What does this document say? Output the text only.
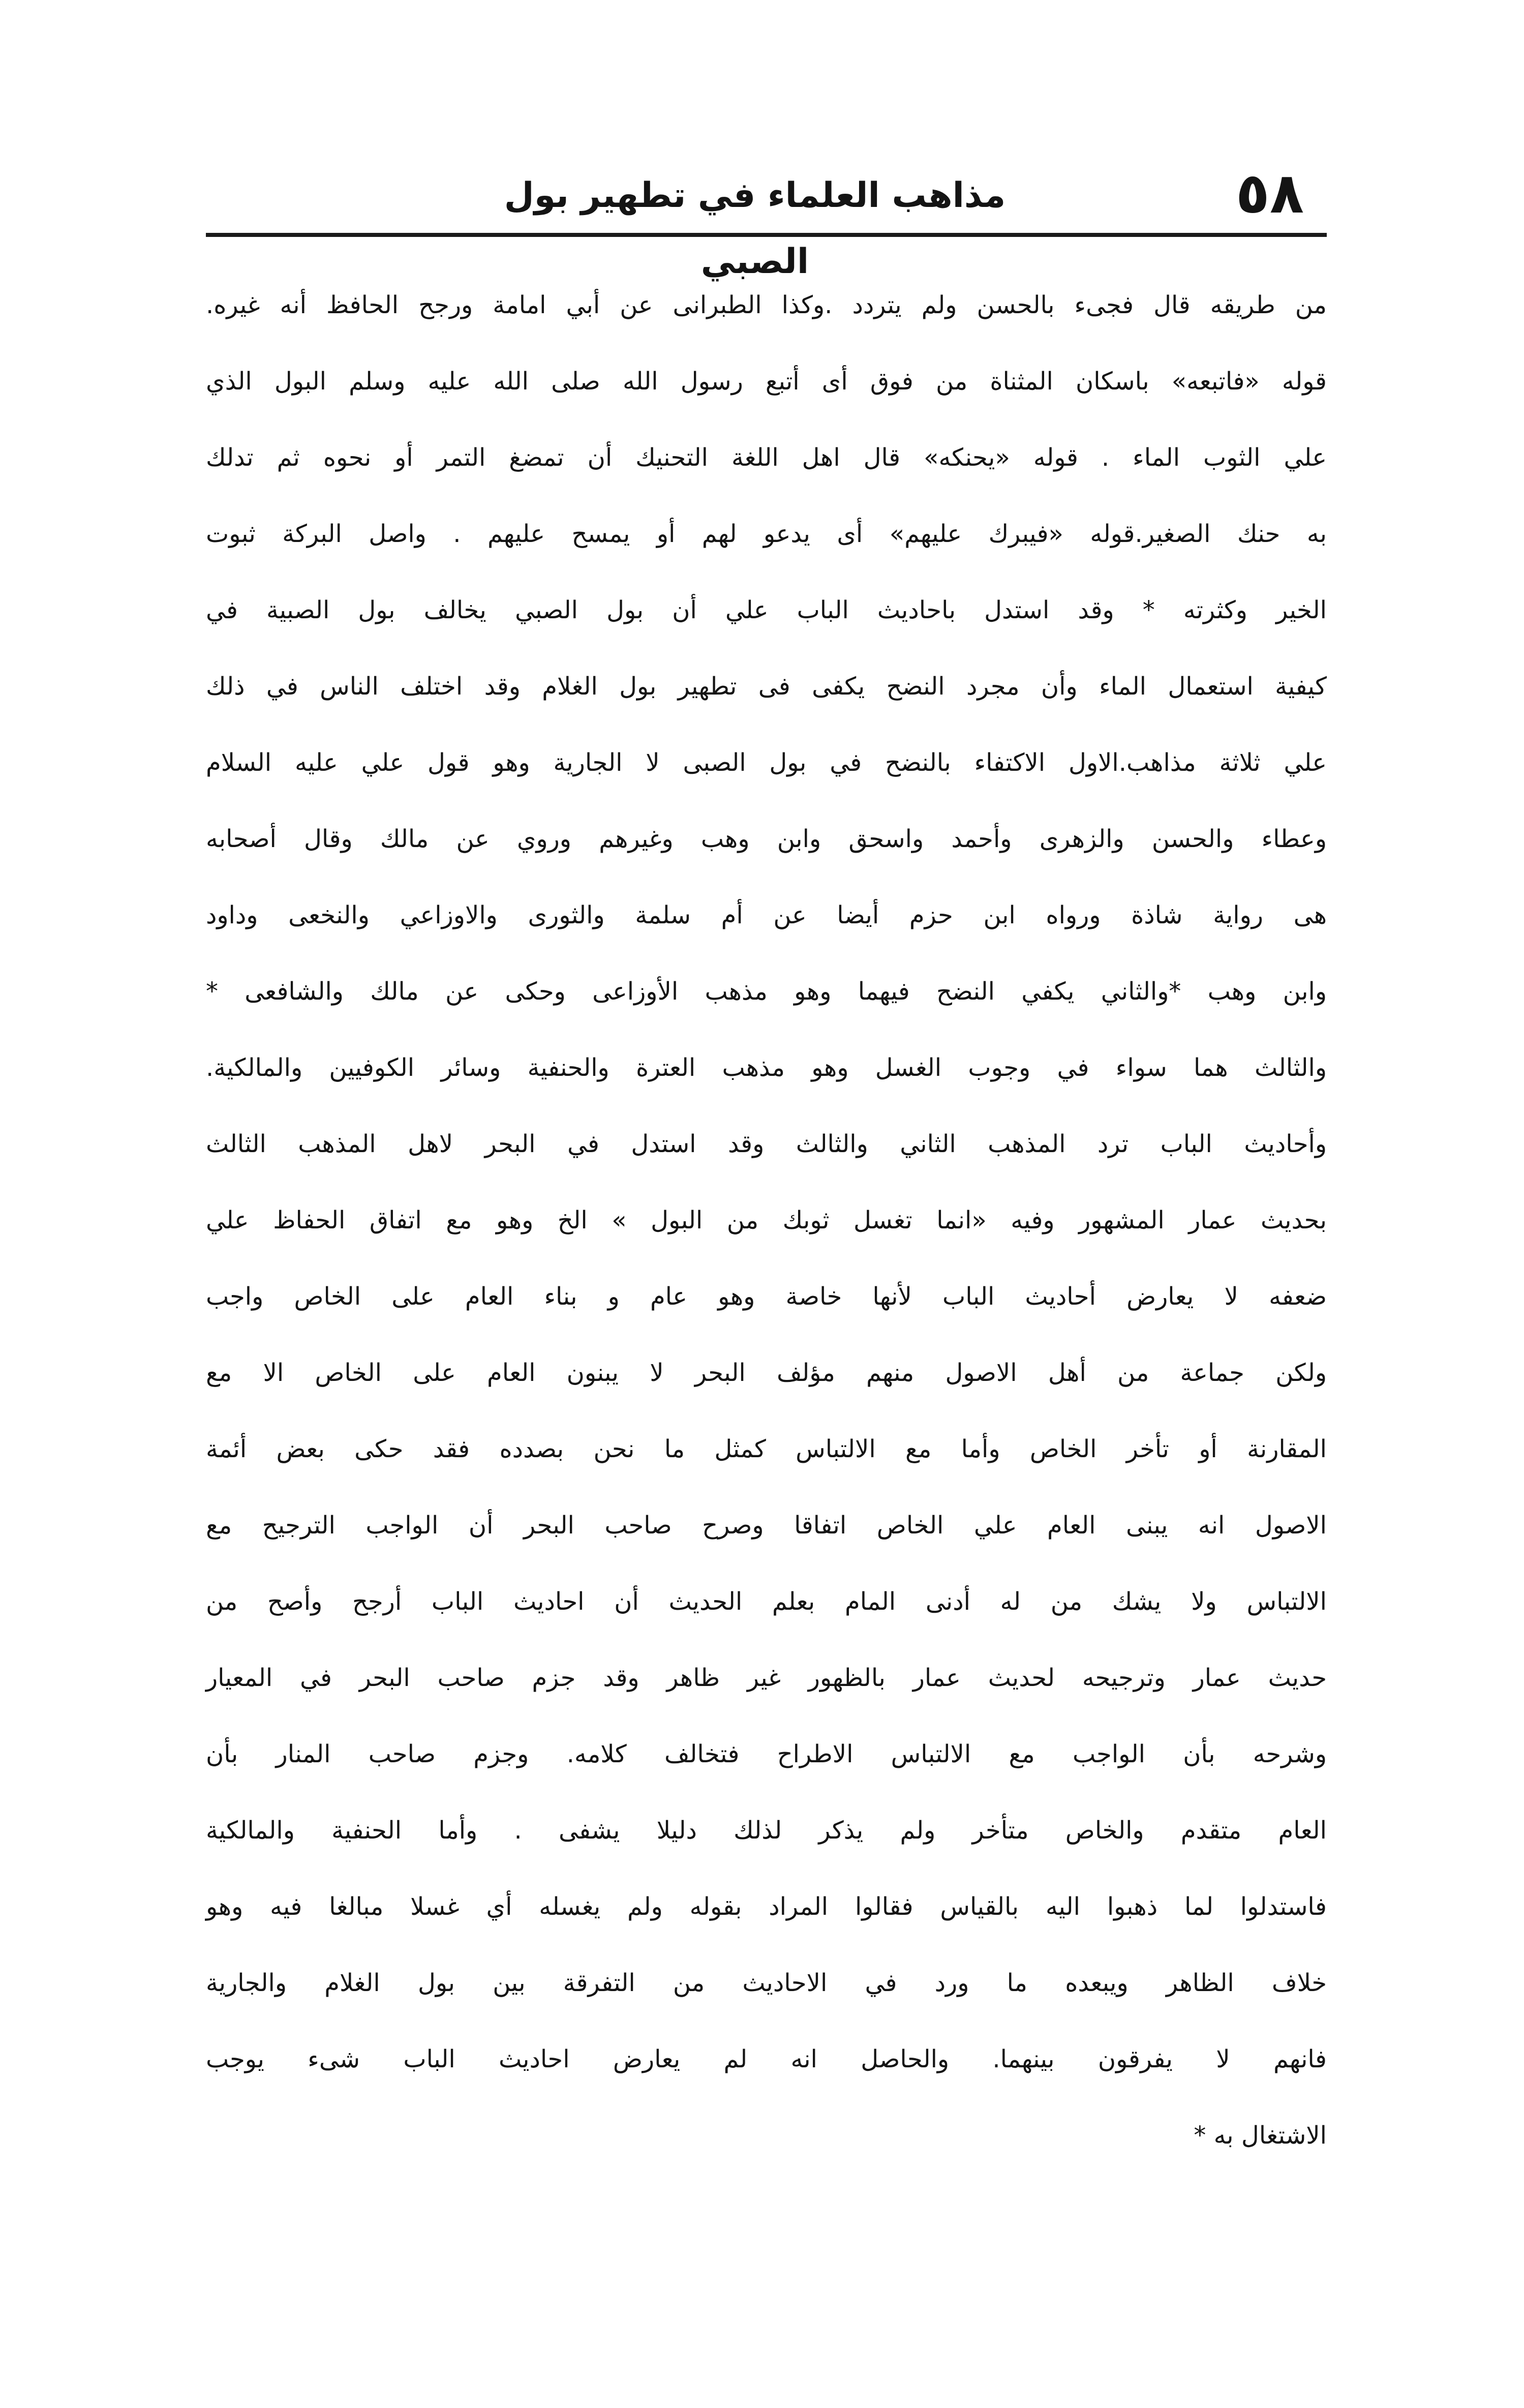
٥٨
مذاهب العلماء في تطهير بول الصبي
من طريقه قال فجىء بالحسن ولم يتردد .وكذا الطبرانى عن أبي امامة ورجح الحافظ أنه غيره.
قوله «فاتبعه» باسكان المثناة من فوق أى أتبع رسول الله صلى الله عليه وسلم البول الذي
علي الثوب الماء . قوله «يحنكه» قال اهل اللغة التحنيك أن تمضغ التمر أو نحوه ثم تدلك
به حنك الصغير.قوله «فيبرك عليهم» أى يدعو لهم أو يمسح عليهم . واصل البركة ثبوت
الخير وكثرته * وقد استدل باحاديث الباب علي أن بول الصبي يخالف بول الصبية في
كيفية استعمال الماء وأن مجرد النضح يكفى فى تطهير بول الغلام وقد اختلف الناس في ذلك
علي ثلاثة مذاهب.الاول الاكتفاء بالنضح في بول الصبى لا الجارية وهو قول علي عليه السلام
وعطاء والحسن والزهرى وأحمد واسحق وابن وهب وغيرهم وروي عن مالك وقال أصحابه
هى رواية شاذة ورواه ابن حزم أيضا عن أم سلمة والثورى والاوزاعي والنخعى وداود
وابن وهب *والثاني يكفي النضح فيهما وهو مذهب الأوزاعى وحكى عن مالك والشافعى *
والثالث هما سواء في وجوب الغسل وهو مذهب العترة والحنفية وسائر الكوفيين والمالكية.
وأحاديث الباب ترد المذهب الثاني والثالث وقد استدل في البحر لاهل المذهب الثالث
بحديث عمار المشهور وفيه «انما تغسل ثوبك من البول » الخ وهو مع اتفاق الحفاظ علي
ضعفه لا يعارض أحاديث الباب لأنها خاصة وهو عام و بناء العام على الخاص واجب
ولكن جماعة من أهل الاصول منهم مؤلف البحر لا يبنون العام على الخاص الا مع
المقارنة أو تأخر الخاص وأما مع الالتباس كمثل ما نحن بصدده فقد حكى بعض أئمة
الاصول انه يبنى العام علي الخاص اتفاقا وصرح صاحب البحر أن الواجب الترجيح مع
الالتباس ولا يشك من له أدنى المام بعلم الحديث أن احاديث الباب أرجح وأصح من
حديث عمار وترجيحه لحديث عمار بالظهور غير ظاهر وقد جزم صاحب البحر في المعيار
وشرحه بأن الواجب مع الالتباس الاطراح فتخالف كلامه. وجزم صاحب المنار بأن
العام متقدم والخاص متأخر ولم يذكر لذلك دليلا يشفى . وأما الحنفية والمالكية
فاستدلوا لما ذهبوا اليه بالقياس فقالوا المراد بقوله ولم يغسله أي غسلا مبالغا فيه وهو
خلاف الظاهر ويبعده ما ورد في الاحاديث من التفرقة بين بول الغلام والجارية
فانهم لا يفرقون بينهما. والحاصل انه لم يعارض احاديث الباب شىء يوجب
الاشتغال به *
